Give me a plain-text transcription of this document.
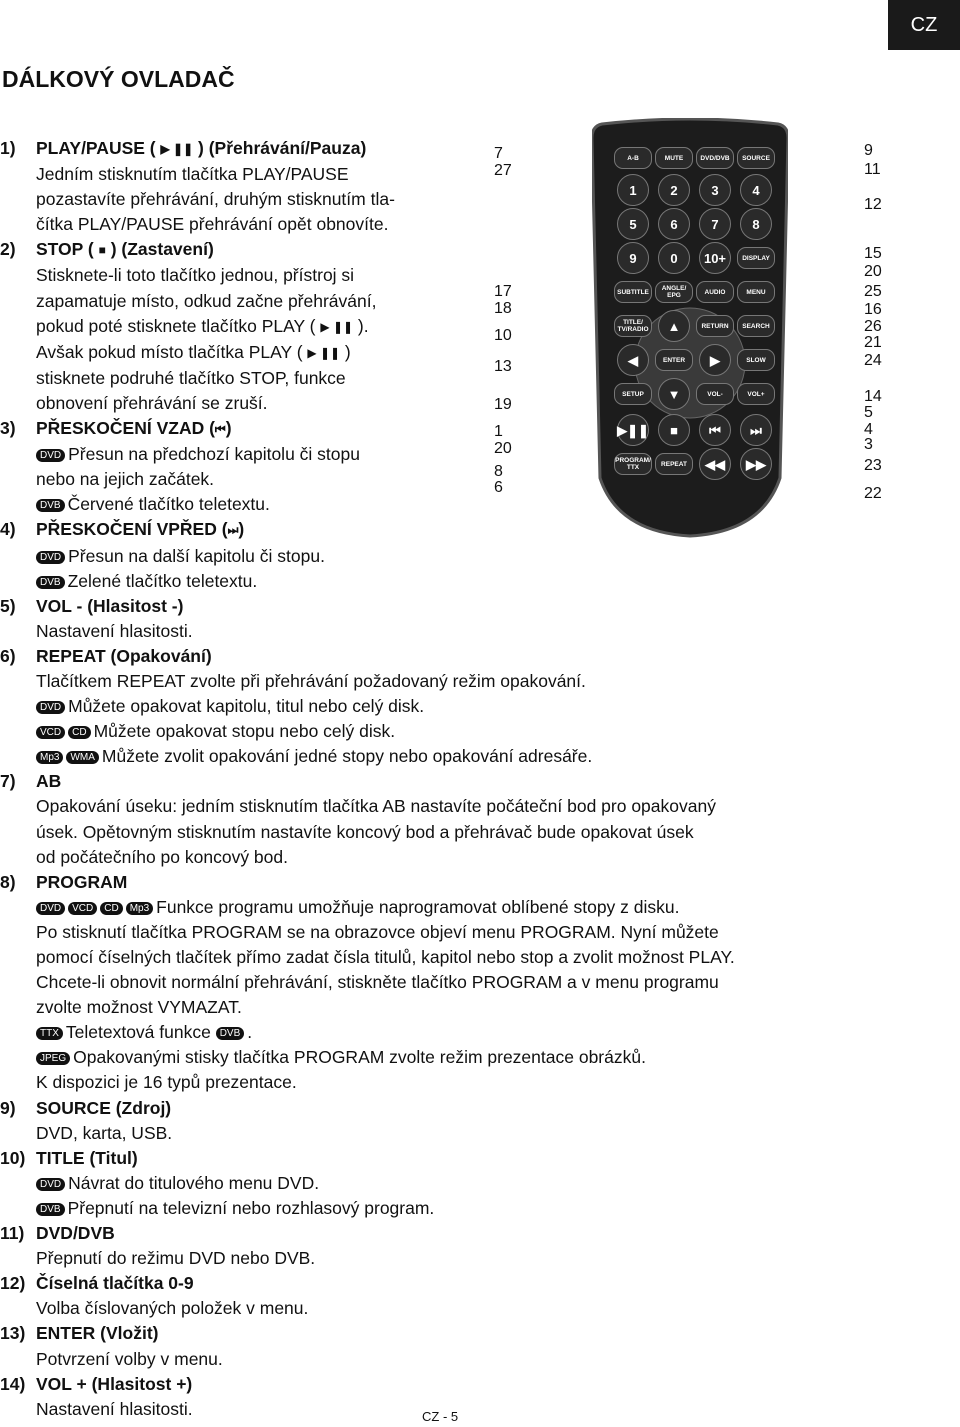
CZ
DÁLKOVÝ OVLADAČ
1) PLAY/PAUSE ( ▶ ❚❚ ) (Přehrávání/Pauza)
Jedním stisknutím tlačítka PLAY/PAUSE
pozastavíte přehrávání, druhým stisknutím tla-
čítka PLAY/PAUSE přehrávání opět obnovíte.
2) STOP ( ■ ) (Zastavení)
Stisknete-li toto tlačítko jednou, přístroj si
zapamatuje místo, odkud začne přehrávání,
pokud poté stisknete tlačítko PLAY ( ▶ ❚❚ ).
Avšak pokud místo tlačítka PLAY ( ▶ ❚❚ )
stisknete podruhé tlačítko STOP, funkce
obnovení přehrávání se zruší.
3) PŘESKOČENÍ VZAD (⏮)
DVD Přesun na předchozí kapitolu či stopu
nebo na jejich začátek.
DVB Červené tlačítko teletextu.
4) PŘESKOČENÍ VPŘED (⏭)
DVD Přesun na další kapitolu či stopu.
DVB Zelené tlačítko teletextu.
5) VOL - (Hlasitost -)
Nastavení hlasitosti.
6) REPEAT (Opakování)
Tlačítkem REPEAT zvolte při přehrávání požadovaný režim opakování.
DVD Můžete opakovat kapitolu, titul nebo celý disk.
VCD CD Můžete opakovat stopu nebo celý disk.
Mp3 WMA Můžete zvolit opakování jedné stopy nebo opakování adresáře.
7) AB
Opakování úseku: jedním stisknutím tlačítka AB nastavíte počáteční bod pro opakovaný
úsek. Opětovným stisknutím nastavíte koncový bod a přehrávač bude opakovat úsek
od počátečního po koncový bod.
8) PROGRAM
DVD VCD CD Mp3 Funkce programu umožňuje naprogramovat oblíbené stopy z disku.
Po stisknutí tlačítka PROGRAM se na obrazovce objeví menu PROGRAM. Nyní můžete
pomocí číselných tlačítek přímo zadat čísla titulů, kapitol nebo stop a zvolit možnost PLAY.
Chcete-li obnovit normální přehrávání, stiskněte tlačítko PROGRAM a v menu programu
zvolte možnost VYMAZAT.
TTX Teletextová funkce DVB .
JPEG Opakovanými stisky tlačítka PROGRAM zvolte režim prezentace obrázků.
K dispozici je 16 typů prezentace.
9) SOURCE (Zdroj)
DVD, karta, USB.
10) TITLE (Titul)
DVD Návrat do titulového menu DVD.
DVB Přepnutí na televizní nebo rozhlasový program.
11) DVD/DVB
Přepnutí do režimu DVD nebo DVB.
12) Číselná tlačítka 0-9
Volba číslovaných položek v menu.
13) ENTER (Vložit)
Potvrzení volby v menu.
14) VOL + (Hlasitost +)
Nastavení hlasitosti.
A-B	MUTE	DVD/DVB	SOURCE
1	2	3	4
5	6	7	8
9	0	10+	DISPLAY
SUBTITLE	ANGLE/ EPG	AUDIO	MENU
TITLE/ TV/RADIO	▲	RETURN	SEARCH
◀	ENTER	▶	SLOW
SETUP	▼	VOL-	VOL+
▶❚❚	■	⏮	⏭
PROGRAM/ TTX	REPEAT	◀◀	▶▶
7
27
17
18
10
13
19
1
20
8
6
9
11
12
15
20
25
16
26
21
24
14
5
4
3
23
22
CZ - 5
